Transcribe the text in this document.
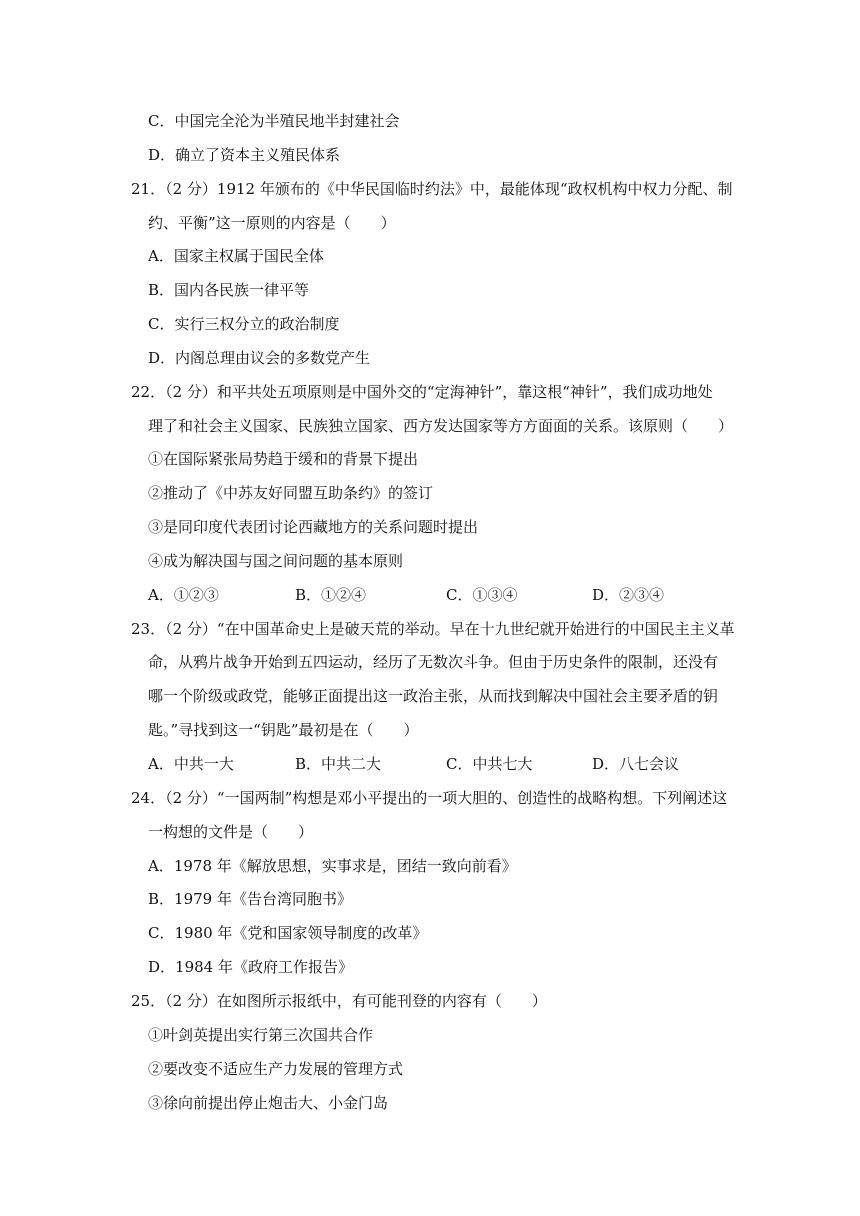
C．中国完全沦为半殖民地半封建社会
D．确立了资本主义殖民体系
21．（2 分）1912 年颁布的《中华民国临时约法》中，最能体现“政权机构中权力分配、制
约、平衡”这一原则的内容是（　　）
A．国家主权属于国民全体
B．国内各民族一律平等
C．实行三权分立的政治制度
D．内阁总理由议会的多数党产生
22．（2 分）和平共处五项原则是中国外交的“定海神针”，靠这根“神针”，我们成功地处
理了和社会主义国家、民族独立国家、西方发达国家等方方面面的关系。该原则（　　）
①在国际紧张局势趋于缓和的背景下提出
②推动了《中苏友好同盟互助条约》的签订
③是同印度代表团讨论西藏地方的关系问题时提出
④成为解决国与国之间问题的基本原则
A．①②③	B．①②④	C．①③④	D．②③④
23．（2 分）“在中国革命史上是破天荒的举动。早在十九世纪就开始进行的中国民主主义革
命，从鸦片战争开始到五四运动，经历了无数次斗争。但由于历史条件的限制，还没有
哪一个阶级或政党，能够正面提出这一政治主张，从而找到解决中国社会主要矛盾的钥
匙。”寻找到这一“钥匙”最初是在（　　）
A．中共一大	B．中共二大	C．中共七大	D．八七会议
24．（2 分）“一国两制”构想是邓小平提出的一项大胆的、创造性的战略构想。下列阐述这
一构想的文件是（　　）
A．1978 年《解放思想，实事求是，团结一致向前看》
B．1979 年《告台湾同胞书》
C．1980 年《党和国家领导制度的改革》
D．1984 年《政府工作报告》
25．（2 分）在如图所示报纸中，有可能刊登的内容有（　　）
①叶剑英提出实行第三次国共合作
②要改变不适应生产力发展的管理方式
③徐向前提出停止炮击大、小金门岛
